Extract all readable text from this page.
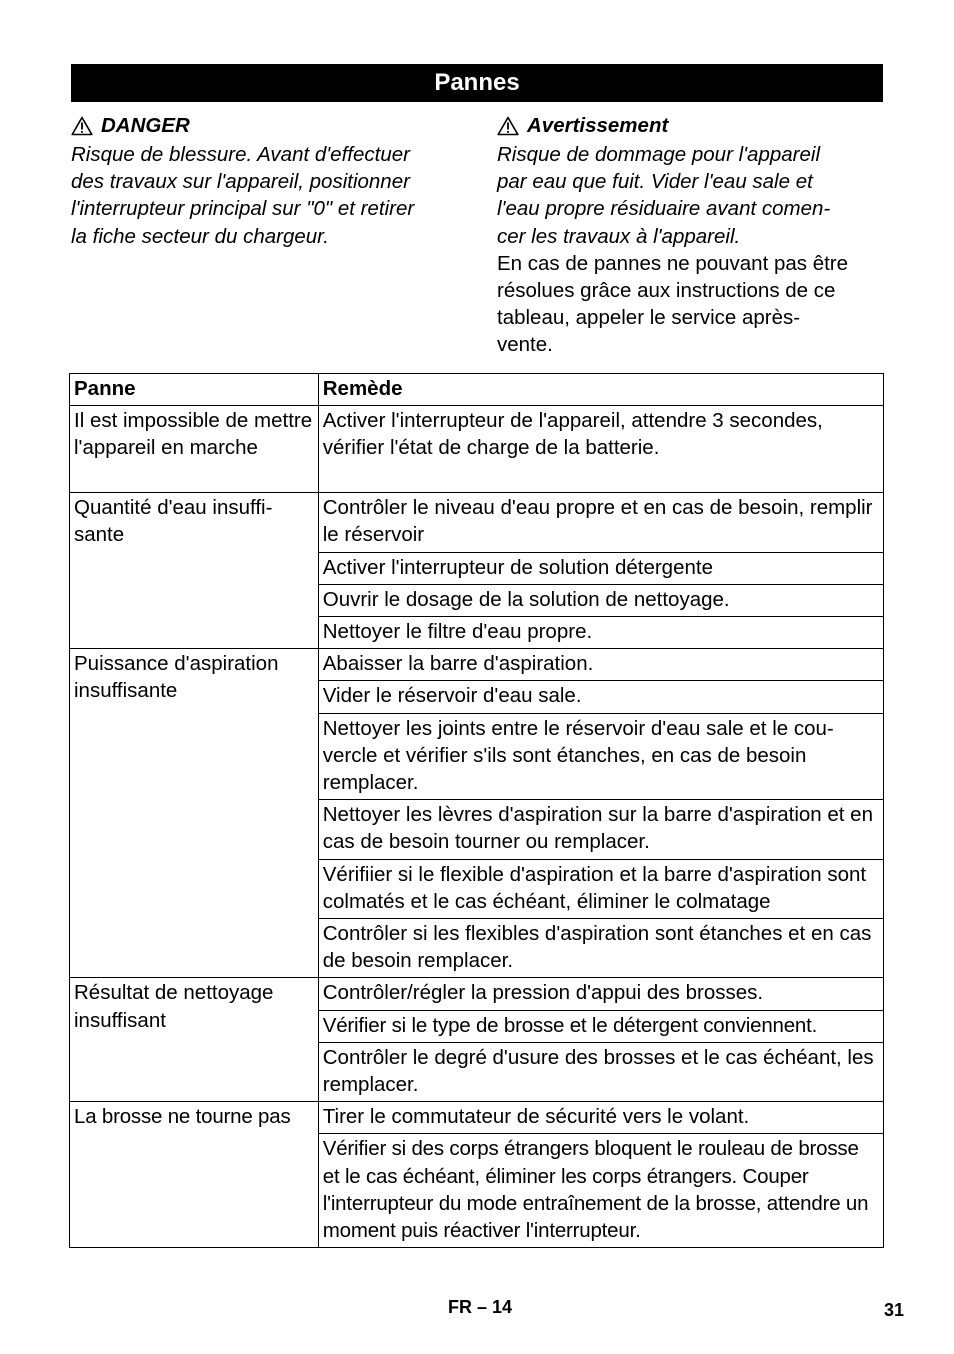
Pannes
DANGER
Risque de blessure. Avant d'effectuer
des travaux sur l'appareil, positionner
l'interrupteur principal sur "0" et retirer
la fiche secteur du chargeur.
Avertissement
Risque de dommage pour l'appareil
par eau que fuit. Vider l'eau sale et
l'eau propre résiduaire avant comen-
cer les travaux à l'appareil.
En cas de pannes ne pouvant pas être
résolues grâce aux instructions de ce
tableau, appeler le service après-
vente.
Panne	Remède
Il est impossible de mettre l'appareil en marche	Activer l'interrupteur de l'appareil, attendre 3 secondes, vérifier l'état de charge de la batterie.
Quantité d'eau insuffi-sante	Contrôler le niveau d'eau propre et en cas de besoin, remplir le réservoir
	Activer l'interrupteur de solution détergente
	Ouvrir le dosage de la solution de nettoyage.
	Nettoyer le filtre d'eau propre.
Puissance d'aspiration insuffisante	Abaisser la barre d'aspiration.
	Vider le réservoir d'eau sale.
	Nettoyer les joints entre le réservoir d'eau sale et le cou-vercle et vérifier s'ils sont étanches, en cas de besoin remplacer.
	Nettoyer les lèvres d'aspiration sur la barre d'aspiration et en cas de besoin tourner ou remplacer.
	Vérifiier si le flexible d'aspiration et la barre d'aspiration sont colmatés et le cas échéant, éliminer le colmatage
	Contrôler si les flexibles d'aspiration sont étanches et en cas de besoin remplacer.
Résultat de nettoyage insuffisant	Contrôler/régler la pression d'appui des brosses.
	Vérifier si le type de brosse et le détergent conviennent.
	Contrôler le degré d'usure des brosses et le cas échéant, les remplacer.
La brosse ne tourne pas	Tirer le commutateur de sécurité vers le volant.
	Vérifier si des corps étrangers bloquent le rouleau de brosse et le cas échéant, éliminer les corps étrangers. Couper l'interrupteur du mode entraînement de la brosse, attendre un moment puis réactiver l'interrupteur.
FR – 14	31
